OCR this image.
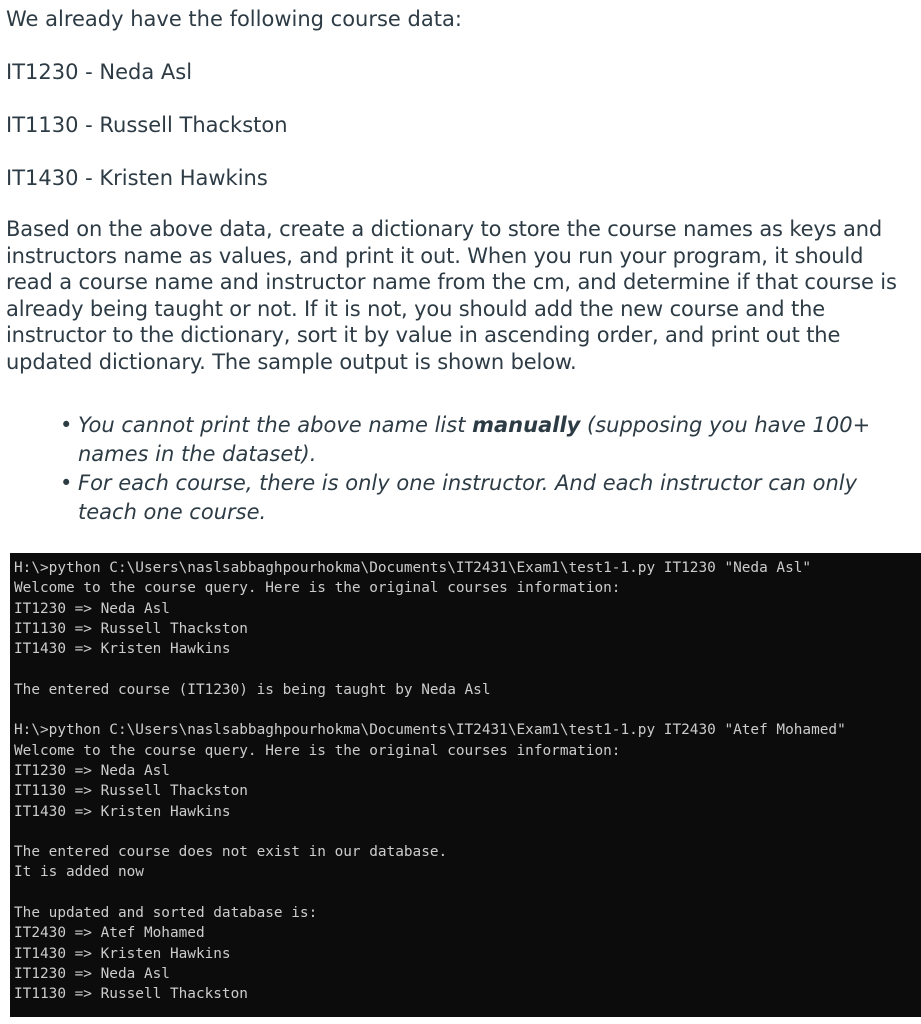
We already have the following course data:

IT1230 - Neda Asl

IT1130 - Russell Thackston

IT1430 - Kristen Hawkins

Based on the above data, create a dictionary to store the course names as keys and instructors name as values, and print it out. When you run your program, it should read a course name and instructor name from the cm, and determine if that course is already being taught or not. If it is not, you should add the new course and the instructor to the dictionary, sort it by value in ascending order, and print out the updated dictionary. The sample output is shown below.

• You cannot print the above name list manually (supposing you have 100+ names in the dataset).
• For each course, there is only one instructor. And each instructor can only teach one course.
H:\>python C:\Users\naslsabbaghpourhokma\Documents\IT2431\Exam1\test1-1.py IT1230 "Neda Asl"
Welcome to the course query. Here is the original courses information:
IT1230 => Neda Asl
IT1130 => Russell Thackston
IT1430 => Kristen Hawkins
The entered course (IT1230) is being taught by Neda Asl
H:\>python C:\Users\naslsabbaghpourhokma\Documents\IT2431\Exam1\test1-1.py IT2430 "Atef Mohamed"
Welcome to the course query. Here is the original courses information:
IT1230 => Neda Asl
IT1130 => Russell Thackston
IT1430 => Kristen Hawkins
The entered course does not exist in our database.
It is added now
The updated and sorted database is:
IT2430 => Atef Mohamed
IT1430 => Kristen Hawkins
IT1230 => Neda Asl
IT1130 => Russell Thackston
